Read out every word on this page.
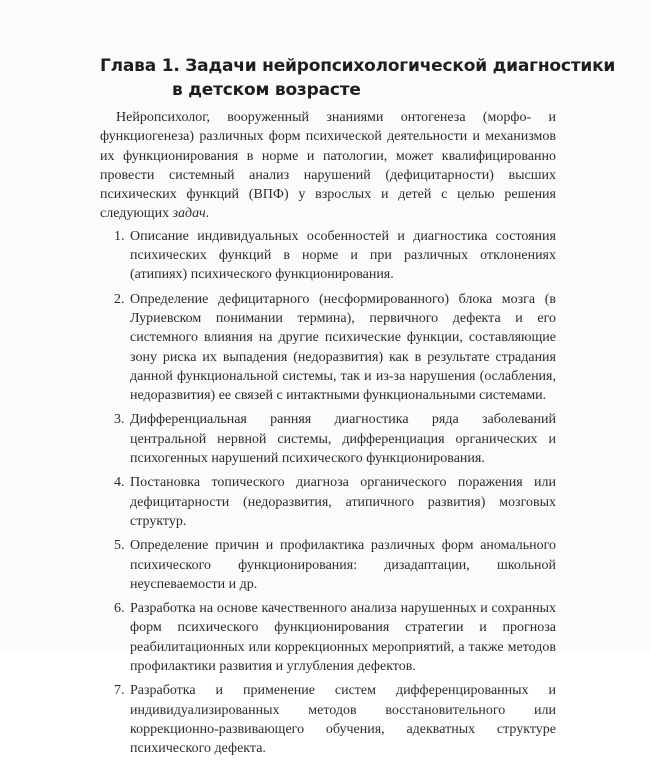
Глава 1. Задачи нейропсихологической диагностики
в детском возрасте

Нейропсихолог, вооруженный знаниями онтогенеза (морфо- и функциогенеза) различных форм психической деятельности и механизмов их функционирования в норме и патологии, может квалифицированно провести системный анализ нарушений (дефицитарности) высших психических функций (ВПФ) у взрослых и детей с целью решения следующих задач.

1. Описание индивидуальных особенностей и диагностика состояния психических функций в норме и при различных отклонениях (атипиях) психического функционирования.
2. Определение дефицитарного (несформированного) блока мозга (в Луриевском понимании термина), первичного дефекта и его системного влияния на другие психические функции, составляющие зону риска их выпадения (недоразвития) как в результате страдания данной функциональной системы, так и из-за нарушения (ослабления, недоразвития) ее связей с интактными функциональными системами.
3. Дифференциальная ранняя диагностика ряда заболеваний центральной нервной системы, дифференциация органических и психогенных нарушений психического функционирования.
4. Постановка топического диагноза органического поражения или дефицитарности (недоразвития, атипичного развития) мозговых структур.
5. Определение причин и профилактика различных форм аномального психического функционирования: дизадаптации, школьной неуспеваемости и др.
6. Разработка на основе качественного анализа нарушенных и сохранных форм психического функционирования стратегии и прогноза реабилитационных или коррекционных мероприятий, а также методов профилактики развития и углубления дефектов.
7. Разработка и применение систем дифференцированных и индивидуализированных методов восстановительного или коррекционно-развивающего обучения, адекватных структуре психического дефекта.
